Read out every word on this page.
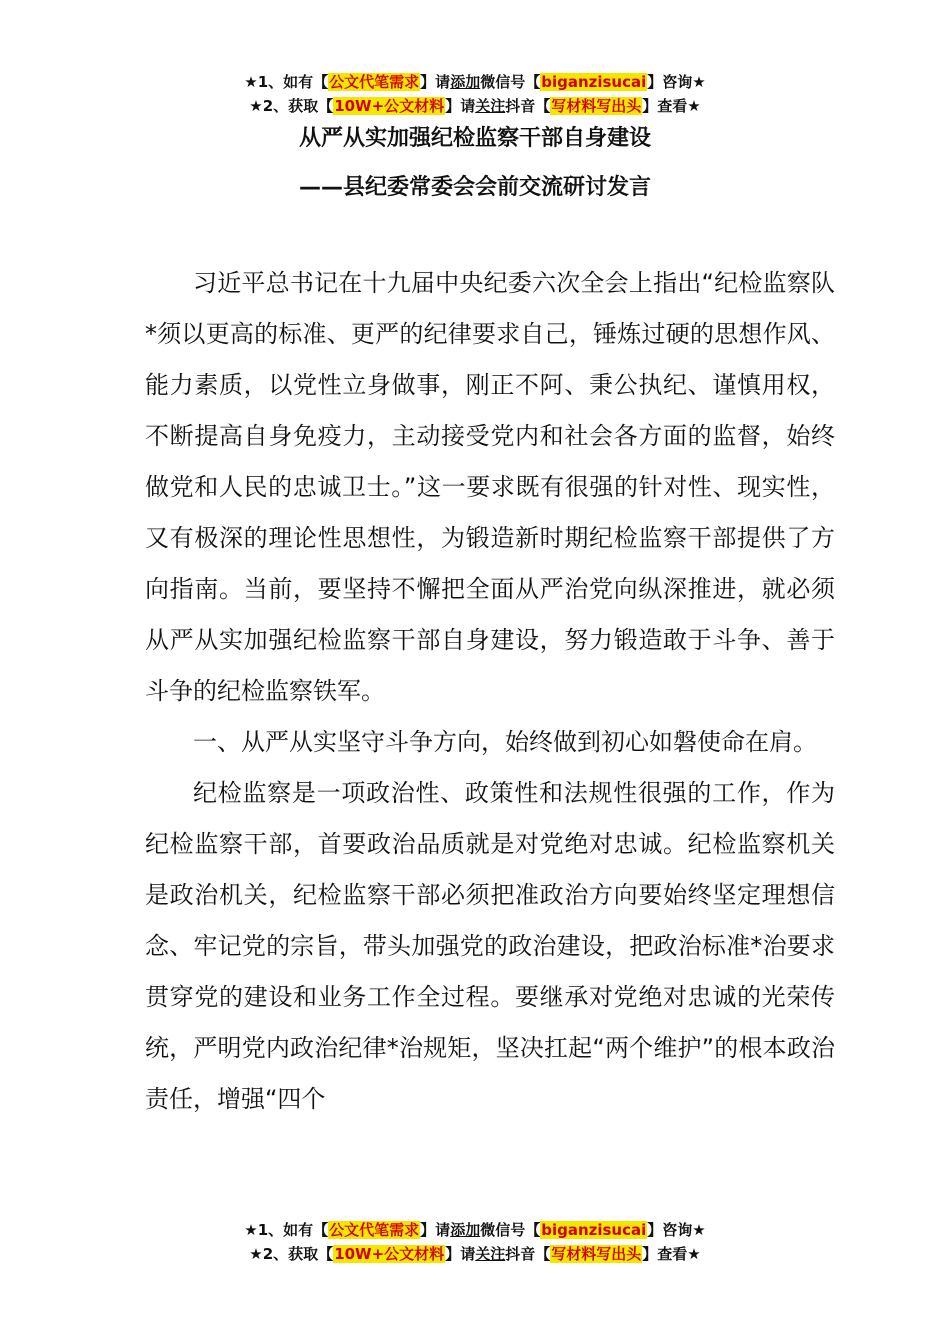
★1、如有【公文代笔需求】请添加微信号【biganzisucai】咨询★
★2、获取【10W+公文材料】请关注抖音【写材料写出头】查看★
从严从实加强纪检监察干部自身建设
——县纪委常委会会前交流研讨发言

习近平总书记在十九届中央纪委六次全会上指出“纪检监察队*须以更高的标准、更严的纪律要求自己，锤炼过硬的思想作风、能力素质，以党性立身做事，刚正不阿、秉公执纪、谨慎用权，不断提高自身免疫力，主动接受党内和社会各方面的监督，始终做党和人民的忠诚卫士。”这一要求既有很强的针对性、现实性，又有极深的理论性思想性，为锻造新时期纪检监察干部提供了方向指南。当前，要坚持不懈把全面从严治党向纵深推进，就必须从严从实加强纪检监察干部自身建设，努力锻造敢于斗争、善于斗争的纪检监察铁军。

一、从严从实坚守斗争方向，始终做到初心如磐使命在肩。

纪检监察是一项政治性、政策性和法规性很强的工作，作为纪检监察干部，首要政治品质就是对党绝对忠诚。纪检监察机关是政治机关，纪检监察干部必须把准政治方向要始终坚定理想信念、牢记党的宗旨，带头加强党的政治建设，把政治标准*治要求贯穿党的建设和业务工作全过程。要继承对党绝对忠诚的光荣传统，严明党内政治纪律*治规矩，坚决扛起“两个维护”的根本政治责任，增强“四个

★1、如有【公文代笔需求】请添加微信号【biganzisucai】咨询★
★2、获取【10W+公文材料】请关注抖音【写材料写出头】查看★
